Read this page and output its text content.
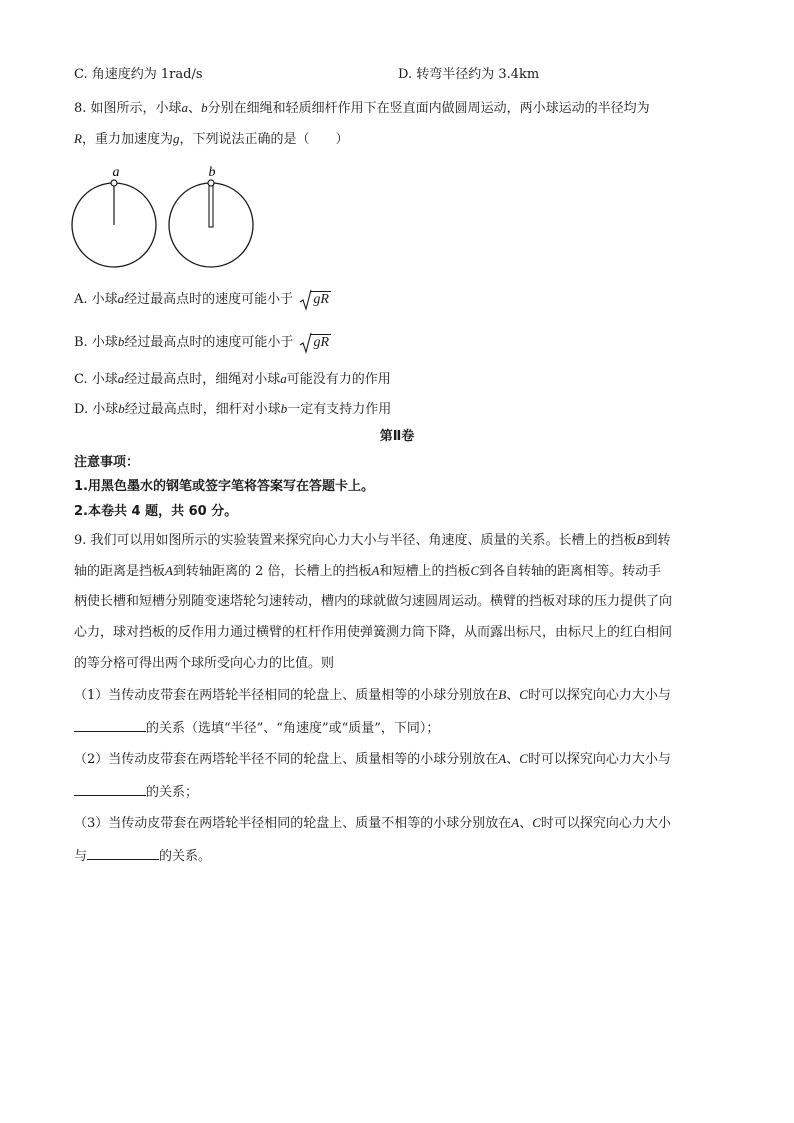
C. 角速度约为 1rad/s	D. 转弯半径约为 3.4km
8. 如图所示，小球a、b分别在细绳和轻质细杆作用下在竖直面内做圆周运动，两小球运动的半径均为
R，重力加速度为g，下列说法正确的是（　　）
a	b
A. 小球a经过最高点时的速度可能小于 gR
B. 小球b经过最高点时的速度可能小于 gR
C. 小球a经过最高点时，细绳对小球a可能没有力的作用
D. 小球b经过最高点时，细杆对小球b一定有支持力作用
第Ⅱ卷
注意事项：
1.用黑色墨水的钢笔或签字笔将答案写在答题卡上。
2.本卷共 4 题，共 60 分。
9. 我们可以用如图所示的实验装置来探究向心力大小与半径、角速度、质量的关系。长槽上的挡板B到转
轴的距离是挡板A到转轴距离的 2 倍，长槽上的挡板A和短槽上的挡板C到各自转轴的距离相等。转动手
柄使长槽和短槽分别随变速塔轮匀速转动，槽内的球就做匀速圆周运动。横臂的挡板对球的压力提供了向
心力，球对挡板的反作用力通过横臂的杠杆作用使弹簧测力筒下降，从而露出标尺，由标尺上的红白相间
的等分格可得出两个球所受向心力的比值。则
（1）当传动皮带套在两塔轮半径相同的轮盘上、质量相等的小球分别放在B、C时可以探究向心力大小与
的关系（选填“半径”、“角速度”或“质量”，下同）；
（2）当传动皮带套在两塔轮半径不同的轮盘上、质量相等的小球分别放在A、C时可以探究向心力大小与
的关系；
（3）当传动皮带套在两塔轮半径相同的轮盘上、质量不相等的小球分别放在A、C时可以探究向心力大小
与	的关系。
